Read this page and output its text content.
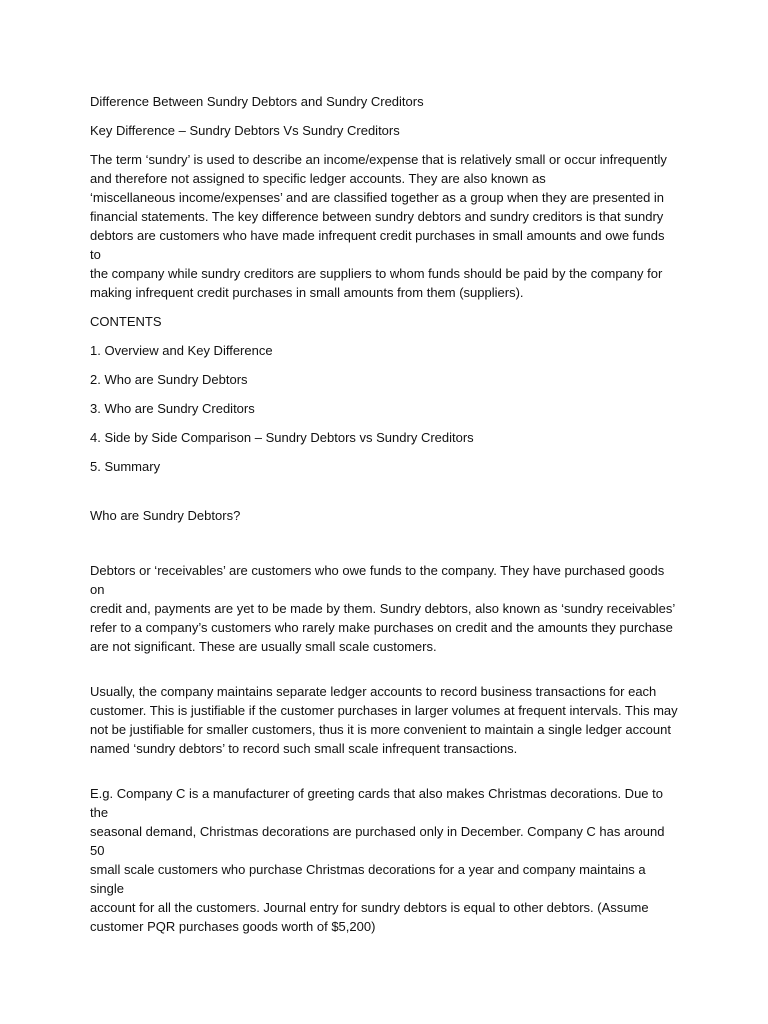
Difference Between Sundry Debtors and Sundry Creditors

Key Difference – Sundry Debtors Vs Sundry Creditors

The term ‘sundry’ is used to describe an income/expense that is relatively small or occur infrequently
and therefore not assigned to specific ledger accounts. They are also known as
‘miscellaneous income/expenses’ and are classified together as a group when they are presented in
financial statements. The key difference between sundry debtors and sundry creditors is that sundry
debtors are customers who have made infrequent credit purchases in small amounts and owe funds to
the company while sundry creditors are suppliers to whom funds should be paid by the company for
making infrequent credit purchases in small amounts from them (suppliers).

CONTENTS

1. Overview and Key Difference

2. Who are Sundry Debtors

3. Who are Sundry Creditors

4. Side by Side Comparison – Sundry Debtors vs Sundry Creditors

5. Summary

Who are Sundry Debtors?

Debtors or ‘receivables’ are customers who owe funds to the company. They have purchased goods on
credit and, payments are yet to be made by them. Sundry debtors, also known as ‘sundry receivables’
refer to a company’s customers who rarely make purchases on credit and the amounts they purchase
are not significant. These are usually small scale customers.

Usually, the company maintains separate ledger accounts to record business transactions for each
customer. This is justifiable if the customer purchases in larger volumes at frequent intervals. This may
not be justifiable for smaller customers, thus it is more convenient to maintain a single ledger account
named ‘sundry debtors’ to record such small scale infrequent transactions.

E.g. Company C is a manufacturer of greeting cards that also makes Christmas decorations. Due to the
seasonal demand, Christmas decorations are purchased only in December. Company C has around 50
small scale customers who purchase Christmas decorations for a year and company maintains a single
account for all the customers. Journal entry for sundry debtors is equal to other debtors. (Assume
customer PQR purchases goods worth of $5,200)
